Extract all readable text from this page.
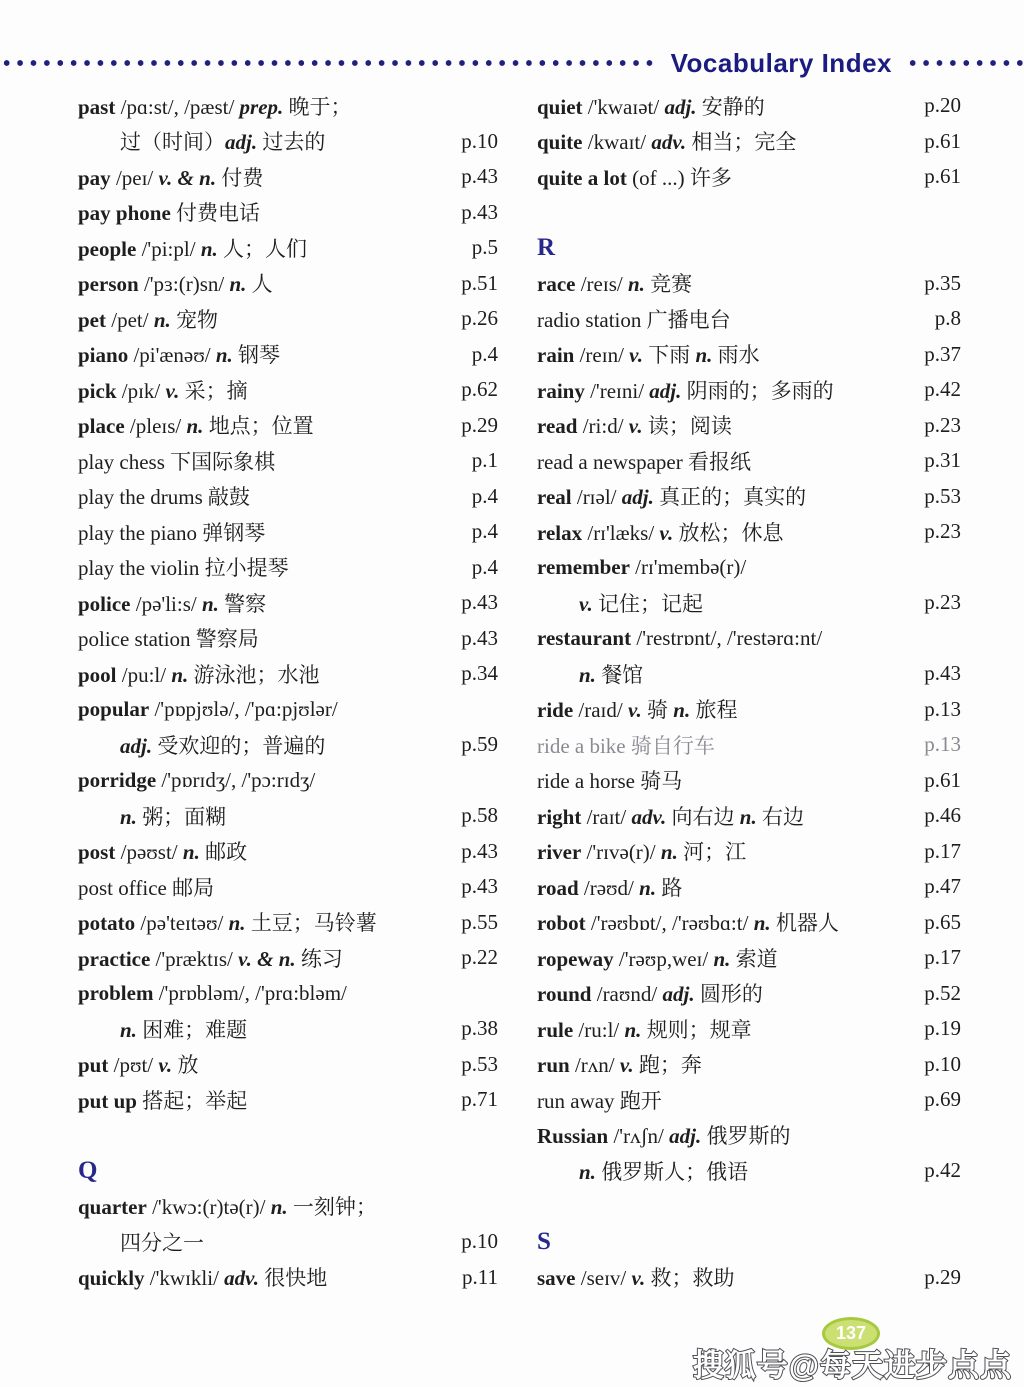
Vocabulary Index
past /pɑ:st/, /pæst/ prep. 晚于；
过（时间）adj. 过去的	p.10
pay /peɪ/ v. & n. 付费	p.43
pay phone 付费电话	p.43
people /'pi:pl/ n. 人；人们	p.5
person /'pɜ:(r)sn/ n. 人	p.51
pet /pet/ n. 宠物	p.26
piano /pi'ænəʊ/ n. 钢琴	p.4
pick /pɪk/ v. 采；摘	p.62
place /pleɪs/ n. 地点；位置	p.29
play chess 下国际象棋	p.1
play the drums 敲鼓	p.4
play the piano 弹钢琴	p.4
play the violin 拉小提琴	p.4
police /pə'li:s/ n. 警察	p.43
police station 警察局	p.43
pool /pu:l/ n. 游泳池；水池	p.34
popular /'pɒpjʊlə/, /'pɑ:pjʊlər/
adj. 受欢迎的；普遍的	p.59
porridge /'pɒrɪdʒ/, /'pɔ:rɪdʒ/
n. 粥；面糊	p.58
post /pəʊst/ n. 邮政	p.43
post office 邮局	p.43
potato /pə'teɪtəʊ/ n. 土豆；马铃薯	p.55
practice /'præktɪs/ v. & n. 练习	p.22
problem /'prɒbləm/, /'prɑ:bləm/
n. 困难；难题	p.38
put /pʊt/ v. 放	p.53
put up 搭起；举起	p.71
Q
quarter /'kwɔ:(r)tə(r)/ n. 一刻钟；
四分之一	p.10
quickly /'kwɪkli/ adv. 很快地	p.11
quiet /'kwaɪət/ adj. 安静的	p.20
quite /kwaɪt/ adv. 相当；完全	p.61
quite a lot (of ...) 许多	p.61
R
race /reɪs/ n. 竞赛	p.35
radio station 广播电台	p.8
rain /reɪn/ v. 下雨 n. 雨水	p.37
rainy /'reɪni/ adj. 阴雨的；多雨的	p.42
read /ri:d/ v. 读；阅读	p.23
read a newspaper 看报纸	p.31
real /rɪəl/ adj. 真正的；真实的	p.53
relax /rɪ'læks/ v. 放松；休息	p.23
remember /rɪ'membə(r)/
v. 记住；记起	p.23
restaurant /'restrɒnt/, /'restərɑ:nt/
n. 餐馆	p.43
ride /raɪd/ v. 骑 n. 旅程	p.13
ride a bike 骑自行车	p.13
ride a horse 骑马	p.61
right /raɪt/ adv. 向右边 n. 右边	p.46
river /'rɪvə(r)/ n. 河；江	p.17
road /rəʊd/ n. 路	p.47
robot /'rəʊbɒt/, /'rəʊbɑ:t/ n. 机器人	p.65
ropeway /'rəʊp,weɪ/ n. 索道	p.17
round /raʊnd/ adj. 圆形的	p.52
rule /ru:l/ n. 规则；规章	p.19
run /rʌn/ v. 跑；奔	p.10
run away 跑开	p.69
Russian /'rʌʃn/ adj. 俄罗斯的
n. 俄罗斯人；俄语	p.42
S
save /seɪv/ v. 救；救助	p.29
137
搜狐号@每天进步点点
